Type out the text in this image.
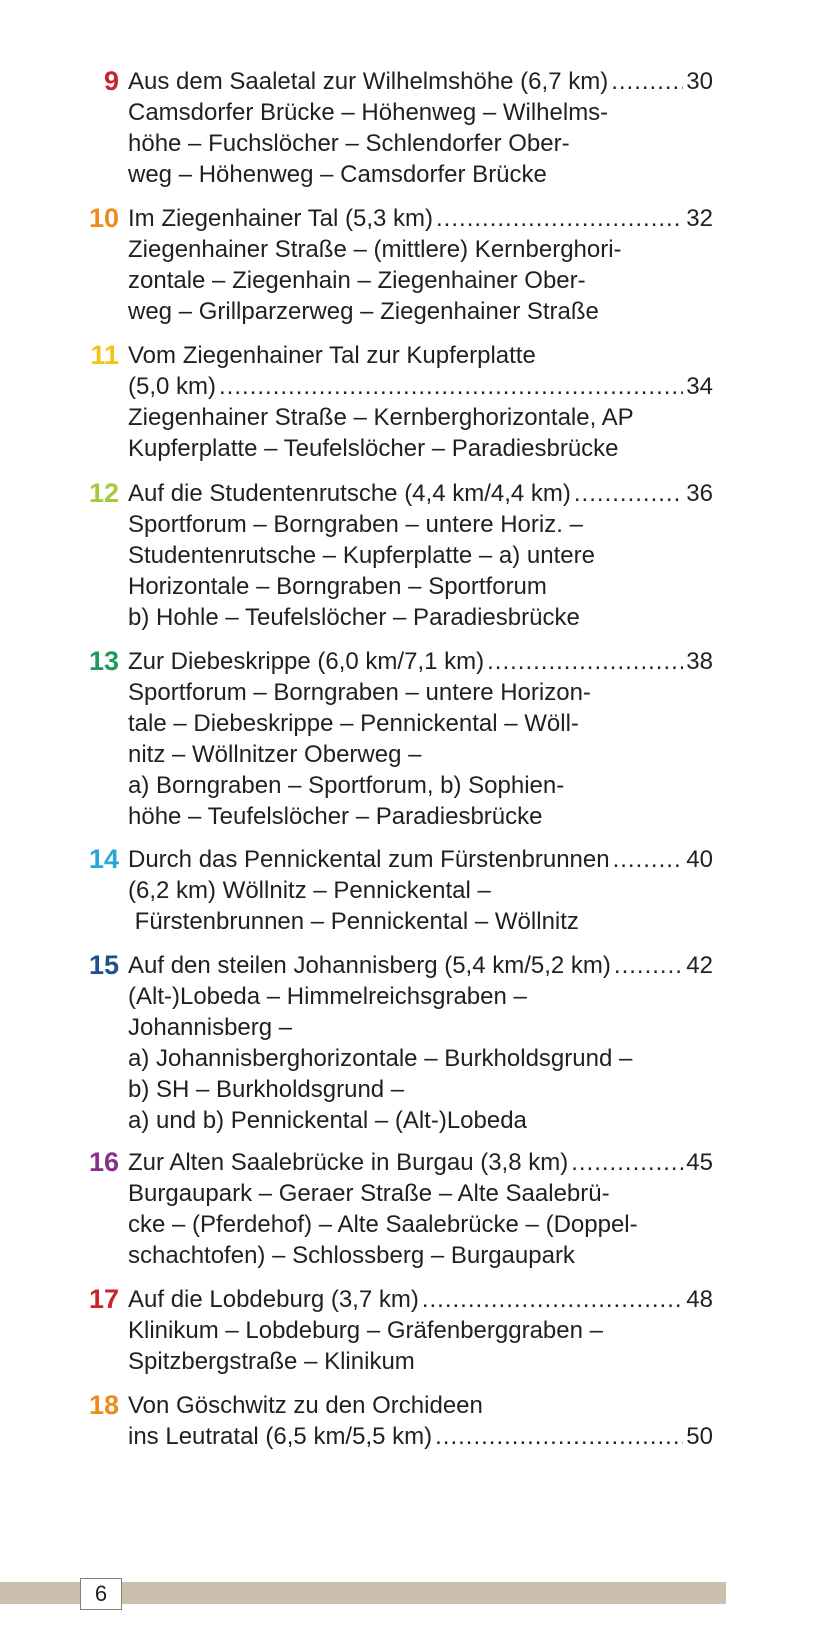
9 Aus dem Saaletal zur Wilhelmshöhe (6,7 km) .....	30
Camsdorfer Brücke – Höhenweg – Wilhelms-
höhe – Fuchslöcher – Schlendorfer Ober-
weg – Höhenweg – Camsdorfer Brücke
10 Im Ziegenhainer Tal (5,3 km) .....	32
Ziegenhainer Straße – (mittlere) Kernberghori-
zontale – Ziegenhain – Ziegenhainer Ober-
weg – Grillparzerweg – Ziegenhainer Straße
11 Vom Ziegenhainer Tal zur Kupferplatte
(5,0 km) .....	34
Ziegenhainer Straße – Kernberghorizontale, AP
Kupferplatte – Teufelslöcher – Paradiesbrücke
12 Auf die Studentenrutsche (4,4 km/4,4 km) .....	36
Sportforum – Borngraben – untere Horiz. –
Studentenrutsche – Kupferplatte – a) untere
Horizontale – Borngraben – Sportforum
b) Hohle – Teufelslöcher – Paradiesbrücke
13 Zur Diebeskrippe (6,0 km/7,1 km) .....	38
Sportforum – Borngraben – untere Horizon-
tale – Diebeskrippe – Pennickental – Wöll-
nitz – Wöllnitzer Oberweg –
a) Borngraben – Sportforum, b) Sophien-
höhe – Teufelslöcher – Paradiesbrücke
14 Durch das Pennickental zum Fürstenbrunnen .....	40
(6,2 km) Wöllnitz – Pennickental –
Fürstenbrunnen – Pennickental – Wöllnitz
15 Auf den steilen Johannisberg (5,4 km/5,2 km) .....	42
(Alt-)Lobeda – Himmelreichsgraben –
Johannisberg –
a) Johannisberghorizontale – Burkholdsgrund –
b) SH – Burkholdsgrund –
a) und b) Pennickental – (Alt-)Lobeda
16 Zur Alten Saalebrücke in Burgau (3,8 km) .....	45
Burgaupark – Geraer Straße – Alte Saalebrü-
cke – (Pferdehof) – Alte Saalebrücke – (Doppel-
schachtofen) – Schlossberg – Burgaupark
17 Auf die Lobdeburg (3,7 km) .....	48
Klinikum – Lobdeburg – Gräfenberggraben –
Spitzbergstraße – Klinikum
18 Von Göschwitz zu den Orchideen
ins Leutratal (6,5 km/5,5 km) .....	50
6
